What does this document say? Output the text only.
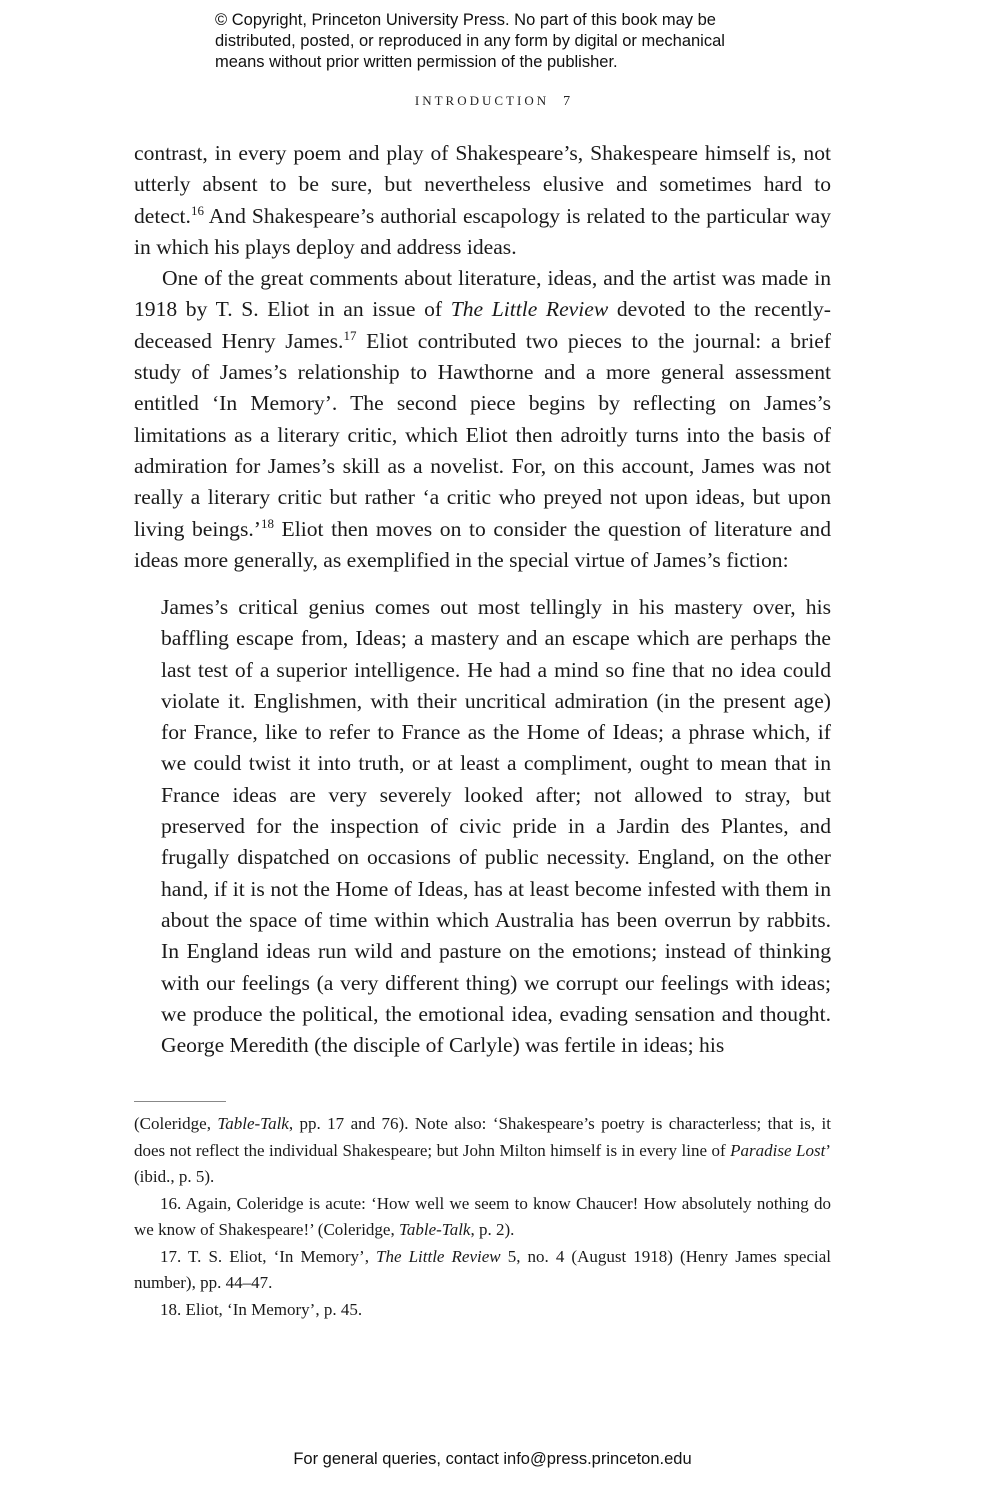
© Copyright, Princeton University Press. No part of this book may be
distributed, posted, or reproduced in any form by digital or mechanical
means without prior written permission of the publisher.
INTRODUCTION 7

contrast, in every poem and play of Shakespeare’s, Shakespeare himself is, not utterly absent to be sure, but nevertheless elusive and sometimes hard to detect.$^{16}$ And Shakespeare’s authorial escapology is related to the particular way in which his plays deploy and address ideas.

One of the great comments about literature, ideas, and the artist was made in 1918 by T. S. Eliot in an issue of The Little Review devoted to the recently-deceased Henry James.$^{17}$ Eliot contributed two pieces to the journal: a brief study of James’s relationship to Hawthorne and a more general assessment entitled ‘In Memory’. The second piece begins by reflecting on James’s limitations as a literary critic, which Eliot then adroitly turns into the basis of admiration for James’s skill as a novelist. For, on this account, James was not really a literary critic but rather ‘a critic who preyed not upon ideas, but upon living beings.’$^{18}$ Eliot then moves on to consider the question of literature and ideas more generally, as exemplified in the special virtue of James’s fiction:

James’s critical genius comes out most tellingly in his mastery over, his baffling escape from, Ideas; a mastery and an escape which are perhaps the last test of a superior intelligence. He had a mind so fine that no idea could violate it. Englishmen, with their uncritical admiration (in the present age) for France, like to refer to France as the Home of Ideas; a phrase which, if we could twist it into truth, or at least a compliment, ought to mean that in France ideas are very severely looked after; not allowed to stray, but preserved for the inspection of civic pride in a Jardin des Plantes, and frugally dispatched on occasions of public necessity. England, on the other hand, if it is not the Home of Ideas, has at least become infested with them in about the space of time within which Australia has been overrun by rabbits. In England ideas run wild and pasture on the emotions; instead of thinking with our feelings (a very different thing) we corrupt our feelings with ideas; we produce the political, the emotional idea, evading sensation and thought. George Meredith (the disciple of Carlyle) was fertile in ideas; his

(Coleridge, Table-Talk, pp. 17 and 76). Note also: ‘Shakespeare’s poetry is characterless; that is, it does not reflect the individual Shakespeare; but John Milton himself is in every line of Paradise Lost’ (ibid., p. 5).

16. Again, Coleridge is acute: ‘How well we seem to know Chaucer! How absolutely nothing do we know of Shakespeare!’ (Coleridge, Table-Talk, p. 2).

17. T. S. Eliot, ‘In Memory’, The Little Review 5, no. 4 (August 1918) (Henry James special number), pp. 44–47.

18. Eliot, ‘In Memory’, p. 45.

For general queries, contact info@press.princeton.edu
